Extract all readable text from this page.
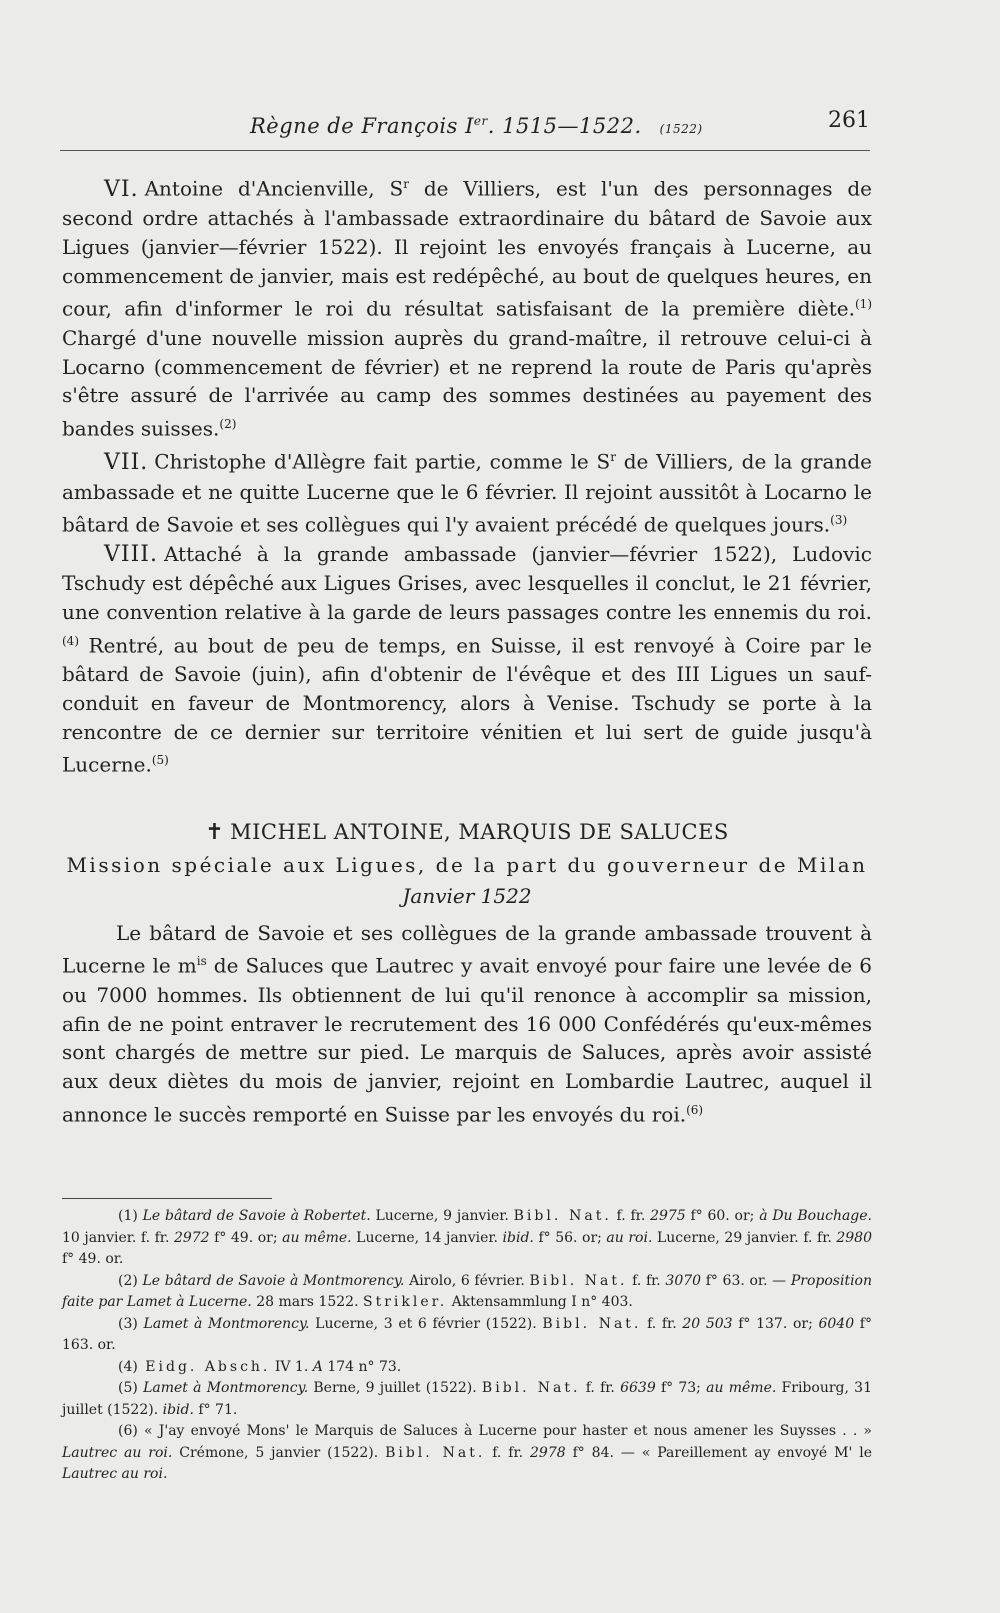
Règne de François Ier. 1515—1522. (1522)	261

VI. Antoine d'Ancienville, $S^r$ de Villiers, est l'un des personnages de second ordre attachés à l'ambassade extraordinaire du bâtard de Savoie aux Ligues (janvier—février 1522). Il rejoint les envoyés français à Lucerne, au commencement de janvier, mais est redépêché, au bout de quelques heures, en cour, afin d'informer le roi du résultat satisfaisant de la première diète.$^{(1)}$ Chargé d'une nouvelle mission auprès du grand-maître, il retrouve celui-ci à Locarno (commencement de février) et ne reprend la route de Paris qu'après s'être assuré de l'arrivée au camp des sommes destinées au payement des bandes suisses.$^{(2)}$

VII. Christophe d'Allègre fait partie, comme le $S^r$ de Villiers, de la grande ambassade et ne quitte Lucerne que le 6 février. Il rejoint aussitôt à Locarno le bâtard de Savoie et ses collègues qui l'y avaient précédé de quelques jours.$^{(3)}$

VIII. Attaché à la grande ambassade (janvier—février 1522), Ludovic Tschudy est dépêché aux Ligues Grises, avec lesquelles il conclut, le 21 février, une convention relative à la garde de leurs passages contre les ennemis du roi.$^{(4)}$ Rentré, au bout de peu de temps, en Suisse, il est renvoyé à Coire par le bâtard de Savoie (juin), afin d'obtenir de l'évêque et des III Ligues un sauf-conduit en faveur de Montmorency, alors à Venise. Tschudy se porte à la rencontre de ce dernier sur territoire vénitien et lui sert de guide jusqu'à Lucerne.$^{(5)}$

✝ MICHEL ANTOINE, MARQUIS DE SALUCES
Mission spéciale aux Ligues, de la part du gouverneur de Milan
Janvier 1522

Le bâtard de Savoie et ses collègues de la grande ambassade trouvent à Lucerne le $m^{is}$ de Saluces que Lautrec y avait envoyé pour faire une levée de 6 ou 7000 hommes. Ils obtiennent de lui qu'il renonce à accomplir sa mission, afin de ne point entraver le recrutement des 16 000 Confédérés qu'eux-mêmes sont chargés de mettre sur pied. Le marquis de Saluces, après avoir assisté aux deux diètes du mois de janvier, rejoint en Lombardie Lautrec, auquel il annonce le succès remporté en Suisse par les envoyés du roi.$^{(6)}$

(1) Le bâtard de Savoie à Robertet. Lucerne, 9 janvier. Bibl. Nat. f. fr. 2975 f° 60. or; à Du Bouchage. 10 janvier. f. fr. 2972 f° 49. or; au même. Lucerne, 14 janvier. ibid. f° 56. or; au roi. Lucerne, 29 janvier. f. fr. 2980 f° 49. or.

(2) Le bâtard de Savoie à Montmorency. Airolo, 6 février. Bibl. Nat. f. fr. 3070 f° 63. or. — Proposition faite par Lamet à Lucerne. 28 mars 1522. Strikler. Aktensammlung I n° 403.

(3) Lamet à Montmorency. Lucerne, 3 et 6 février (1522). Bibl. Nat. f. fr. 20 503 f° 137. or; 6040 f° 163. or.

(4) Eidg. Absch. IV 1. A 174 n° 73.

(5) Lamet à Montmorency. Berne, 9 juillet (1522). Bibl. Nat. f. fr. 6639 f° 73; au même. Fribourg, 31 juillet (1522). ibid. f° 71.

(6) « J'ay envoyé Mons' le Marquis de Saluces à Lucerne pour haster et nous amener les Suysses . . » Lautrec au roi. Crémone, 5 janvier (1522). Bibl. Nat. f. fr. 2978 f° 84. — « Pareillement ay envoyé M' le Lautrec au roi.
